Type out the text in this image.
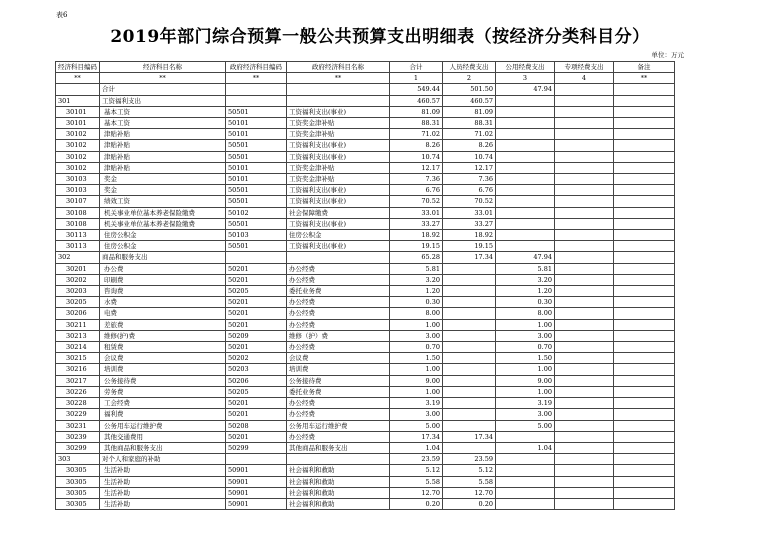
表6
2019年部门综合预算一般公共预算支出明细表（按经济分类科目分）
单位：万元
经济科目编码	经济科目名称	政府经济科目编码	政府经济科目名称	合计	人员经费支出	公用经费支出	专项经费支出	备注
**	**	**	**	1	2	3	4	**
	合计			549.44	501.50	47.94		
301	工资福利支出			460.57	460.57			
30101	基本工资	50501	工资福利支出(事业)	81.09	81.09			
30101	基本工资	50101	工资奖金津补贴	88.31	88.31			
30102	津贴补贴	50101	工资奖金津补贴	71.02	71.02			
30102	津贴补贴	50501	工资福利支出(事业)	8.26	8.26			
30102	津贴补贴	50501	工资福利支出(事业)	10.74	10.74			
30102	津贴补贴	50101	工资奖金津补贴	12.17	12.17			
30103	奖金	50101	工资奖金津补贴	7.36	7.36			
30103	奖金	50501	工资福利支出(事业)	6.76	6.76			
30107	绩效工资	50501	工资福利支出(事业)	70.52	70.52			
30108	机关事业单位基本养老保险缴费	50102	社会保障缴费	33.01	33.01			
30108	机关事业单位基本养老保险缴费	50501	工资福利支出(事业)	33.27	33.27			
30113	住房公积金	50103	住房公积金	18.92	18.92			
30113	住房公积金	50501	工资福利支出(事业)	19.15	19.15			
302	商品和服务支出			65.28	17.34	47.94		
30201	办公费	50201	办公经费	5.81		5.81		
30202	印刷费	50201	办公经费	3.20		3.20		
30203	咨询费	50205	委托业务费	1.20		1.20		
30205	水费	50201	办公经费	0.30		0.30		
30206	电费	50201	办公经费	8.00		8.00		
30211	差旅费	50201	办公经费	1.00		1.00		
30213	维修(护)费	50209	维修（护）费	3.00		3.00		
30214	租赁费	50201	办公经费	0.70		0.70		
30215	会议费	50202	会议费	1.50		1.50		
30216	培训费	50203	培训费	1.00		1.00		
30217	公务接待费	50206	公务接待费	9.00		9.00		
30226	劳务费	50205	委托业务费	1.00		1.00		
30228	工会经费	50201	办公经费	3.19		3.19		
30229	福利费	50201	办公经费	3.00		3.00		
30231	公务用车运行维护费	50208	公务用车运行维护费	5.00		5.00		
30239	其他交通费用	50201	办公经费	17.34	17.34			
30299	其他商品和服务支出	50299	其他商品和服务支出	1.04		1.04		
303	对个人和家庭的补助			23.59	23.59			
30305	生活补助	50901	社会福利和救助	5.12	5.12			
30305	生活补助	50901	社会福利和救助	5.58	5.58			
30305	生活补助	50901	社会福利和救助	12.70	12.70			
30305	生活补助	50901	社会福利和救助	0.20	0.20			
